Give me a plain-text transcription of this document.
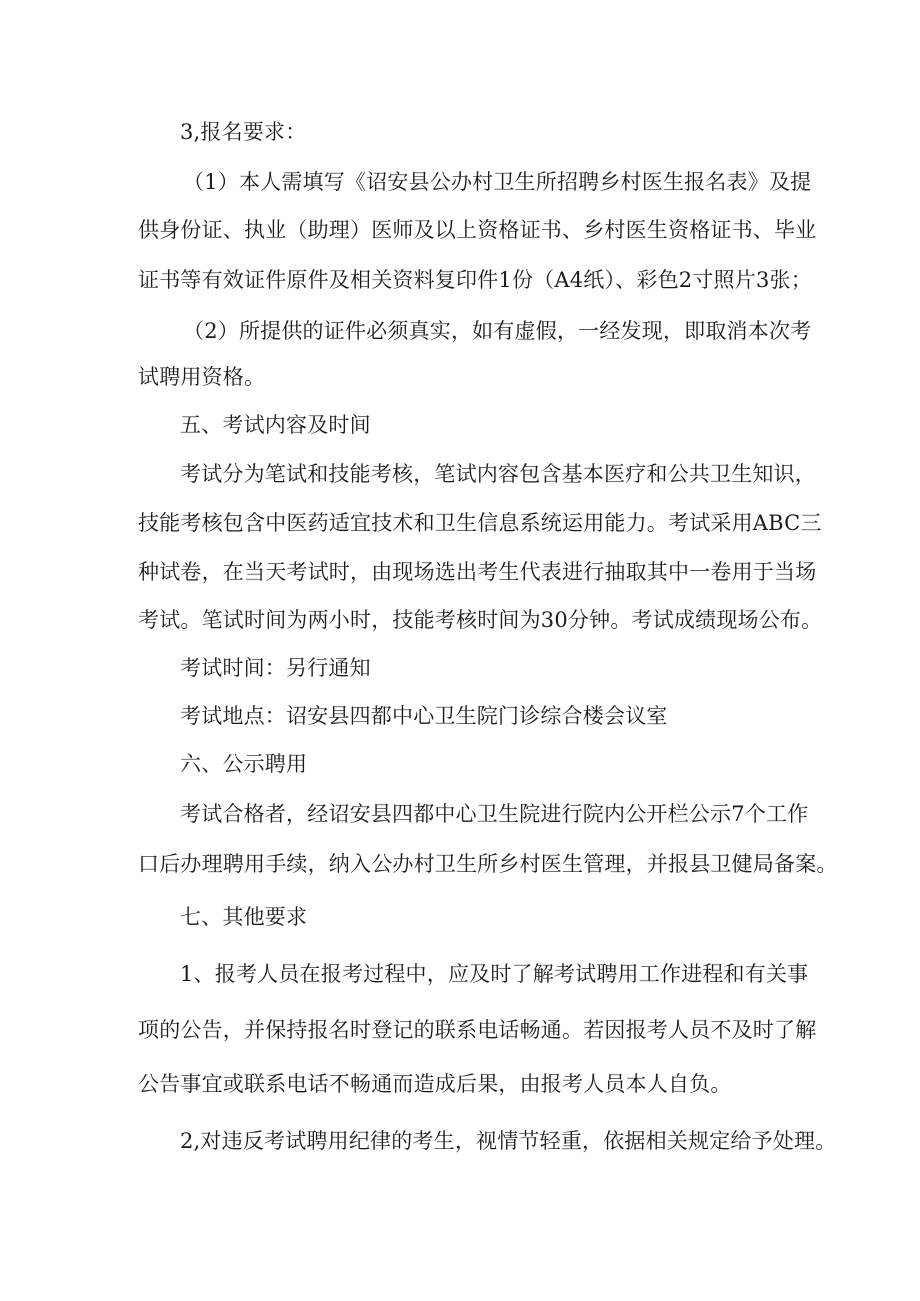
3,报名要求：
（1）本人需填写《诏安县公办村卫生所招聘乡村医生报名表》及提
供身份证、执业（助理）医师及以上资格证书、乡村医生资格证书、毕业
证书等有效证件原件及相关资料复印件1份（A4纸）、彩色2寸照片3张；
（2）所提供的证件必须真实，如有虚假，一经发现，即取消本次考
试聘用资格。
五、考试内容及时间
考试分为笔试和技能考核，笔试内容包含基本医疗和公共卫生知识，
技能考核包含中医药适宜技术和卫生信息系统运用能力。考试采用ABC三
种试卷，在当天考试时，由现场选出考生代表进行抽取其中一卷用于当场
考试。笔试时间为两小时，技能考核时间为30分钟。考试成绩现场公布。
考试时间：另行通知
考试地点：诏安县四都中心卫生院门诊综合楼会议室
六、公示聘用
考试合格者，经诏安县四都中心卫生院进行院内公开栏公示7个工作
口后办理聘用手续，纳入公办村卫生所乡村医生管理，并报县卫健局备案。
七、其他要求
1、报考人员在报考过程中，应及时了解考试聘用工作进程和有关事
项的公告，并保持报名时登记的联系电话畅通。若因报考人员不及时了解
公告事宜或联系电话不畅通而造成后果，由报考人员本人自负。
2,对违反考试聘用纪律的考生，视情节轻重，依据相关规定给予处理。
